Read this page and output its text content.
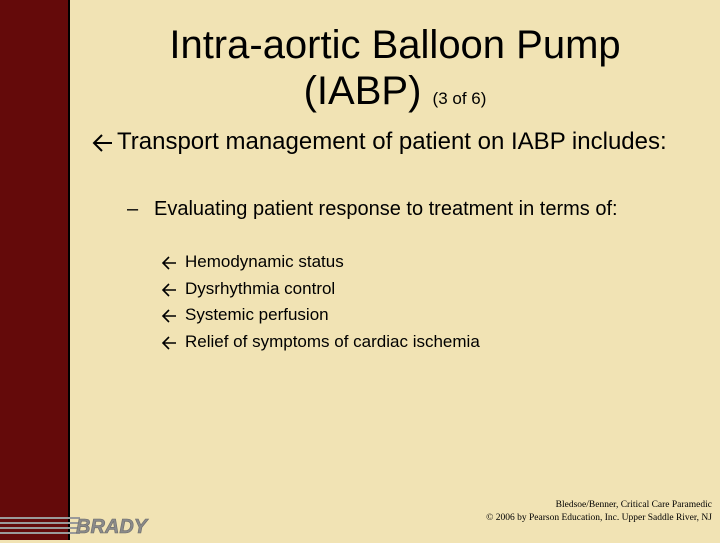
Intra-aortic Balloon Pump
(IABP) (3 of 6)
Transport management of patient on IABP includes:
– Evaluating patient response to treatment in terms of:
Hemodynamic status
Dysrhythmia control
Systemic perfusion
Relief of symptoms of cardiac ischemia
BRADY
Bledsoe/Benner, Critical Care Paramedic
© 2006 by Pearson Education, Inc. Upper Saddle River, NJ
